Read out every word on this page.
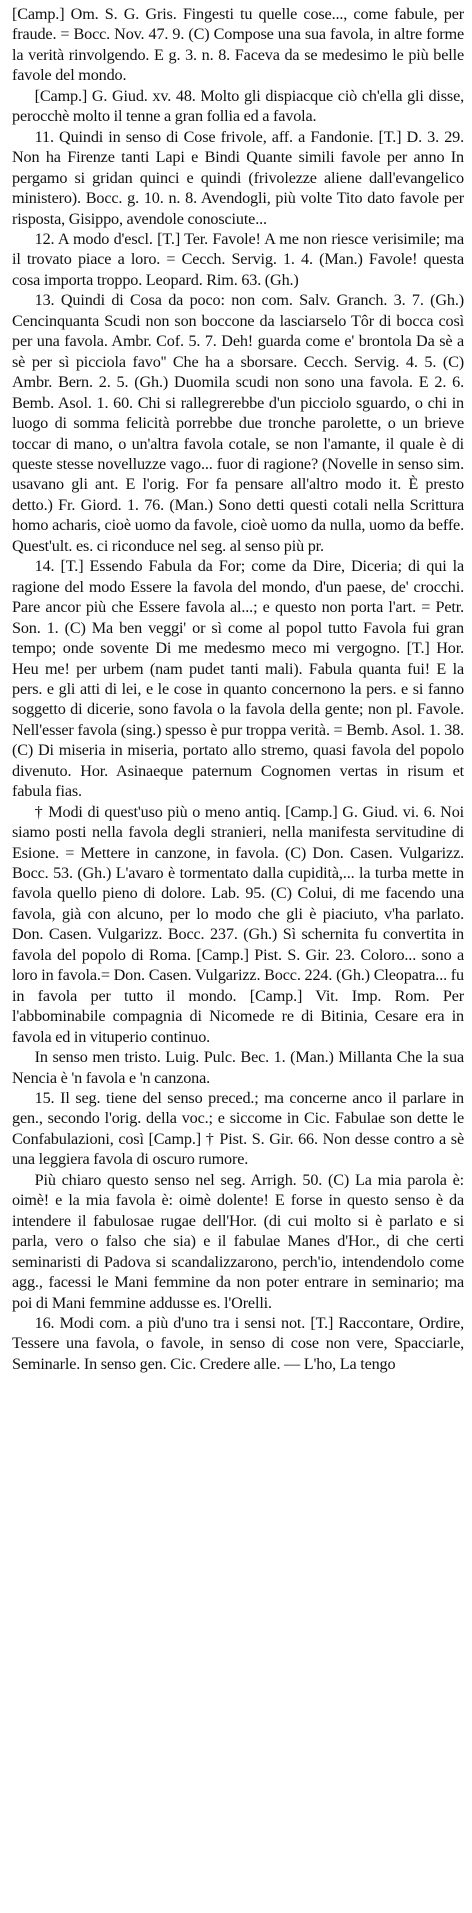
[Camp.] Om. S. G. Gris. Fingesti tu quelle cose..., come fabule, per fraude. = Bocc. Nov. 47. 9. (C) Compose una sua favola, in altre forme la verità rinvolgendo. E g. 3. n. 8. Faceva da se medesimo le più belle favole del mondo.

[Camp.] G. Giud. xv. 48. Molto gli dispiacque ciò ch'ella gli disse, perocchè molto il tenne a gran follia ed a favola.

11. Quindi in senso di Cose frivole, aff. a Fandonie. [T.] D. 3. 29. Non ha Firenze tanti Lapi e Bindi Quante simili favole per anno In pergamo si gridan quinci e quindi (frivolezze aliene dall'evangelico ministero). Bocc. g. 10. n. 8. Avendogli, più volte Tito dato favole per risposta, Gisippo, avendole conosciute...

12. A modo d'escl. [T.] Ter. Favole! A me non riesce verisimile; ma il trovato piace a loro. = Cecch. Servig. 1. 4. (Man.) Favole! questa cosa importa troppo. Leopard. Rim. 63. (Gh.)

13. Quindi di Cosa da poco: non com. Salv. Granch. 3. 7. (Gh.) Cencinquanta Scudi non son boccone da lasciarselo Tôr di bocca così per una favola. Ambr. Cof. 5. 7. Deh! guarda come e' brontola Da sè a sè per sì picciola favo'' Che ha a sborsare. Cecch. Servig. 4. 5. (C) Ambr. Bern. 2. 5. (Gh.) Duomila scudi non sono una favola. E 2. 6. Bemb. Asol. 1. 60. Chi si rallegrerebbe d'un picciolo sguardo, o chi in luogo di somma felicità porrebbe due tronche parolette, o un brieve toccar di mano, o un'altra favola cotale, se non l'amante, il quale è di queste stesse novelluzze vago... fuor di ragione? (Novelle in senso sim. usavano gli ant. E l'orig. For fa pensare all'altro modo it. È presto detto.) Fr. Giord. 1. 76. (Man.) Sono detti questi cotali nella Scrittura homo acharis, cioè uomo da favole, cioè uomo da nulla, uomo da beffe. Quest'ult. es. ci riconduce nel seg. al senso più pr.

14. [T.] Essendo Fabula da For; come da Dire, Diceria; di qui la ragione del modo Essere la favola del mondo, d'un paese, de' crocchi. Pare ancor più che Essere favola al...; e questo non porta l'art. = Petr. Son. 1. (C) Ma ben veggi' or sì come al popol tutto Favola fui gran tempo; onde sovente Di me medesmo meco mi vergogno. [T.] Hor. Heu me! per urbem (nam pudet tanti mali). Fabula quanta fui! E la pers. e gli atti di lei, e le cose in quanto concernono la pers. e si fanno soggetto di dicerie, sono favola o la favola della gente; non pl. Favole. Nell'esser favola (sing.) spesso è pur troppa verità. = Bemb. Asol. 1. 38. (C) Di miseria in miseria, portato allo stremo, quasi favola del popolo divenuto. Hor. Asinaeque paternum Cognomen vertas in risum et fabula fias.

† Modi di quest'uso più o meno antiq. [Camp.] G. Giud. vi. 6. Noi siamo posti nella favola degli stranieri, nella manifesta servitudine di Esione. = Mettere in canzone, in favola. (C) Don. Casen. Vulgarizz. Bocc. 53. (Gh.) L'avaro è tormentato dalla cupidità,... la turba mette in favola quello pieno di dolore. Lab. 95. (C) Colui, di me facendo una favola, già con alcuno, per lo modo che gli è piaciuto, v'ha parlato. Don. Casen. Vulgarizz. Bocc. 237. (Gh.) Sì schernita fu convertita in favola del popolo di Roma. [Camp.] Pist. S. Gir. 23. Coloro... sono a loro in favola.= Don. Casen. Vulgarizz. Bocc. 224. (Gh.) Cleopatra... fu in favola per tutto il mondo. [Camp.] Vit. Imp. Rom. Per l'abbominabile compagnia di Nicomede re di Bitinia, Cesare era in favola ed in vituperio continuo.

In senso men tristo. Luig. Pulc. Bec. 1. (Man.) Millanta Che la sua Nencia è 'n favola e 'n canzona.

15. Il seg. tiene del senso preced.; ma concerne anco il parlare in gen., secondo l'orig. della voc.; e siccome in Cic. Fabulae son dette le Confabulazioni, così [Camp.] † Pist. S. Gir. 66. Non desse contro a sè una leggiera favola di oscuro rumore.

Più chiaro questo senso nel seg. Arrigh. 50. (C) La mia parola è: oimè! e la mia favola è: oimè dolente! E forse in questo senso è da intendere il fabulosae rugae dell'Hor. (di cui molto si è parlato e si parla, vero o falso che sia) e il fabulae Manes d'Hor., di che certi seminaristi di Padova si scandalizzarono, perch'io, intendendolo come agg., facessi le Mani femmine da non poter entrare in seminario; ma poi di Mani femmine addusse es. l'Orelli.

16. Modi com. a più d'uno tra i sensi not. [T.] Raccontare, Ordire, Tessere una favola, o favole, in senso di cose non vere, Spacciarle, Seminarle. In senso gen. Cic. Credere alle. — L'ho, La tengo
